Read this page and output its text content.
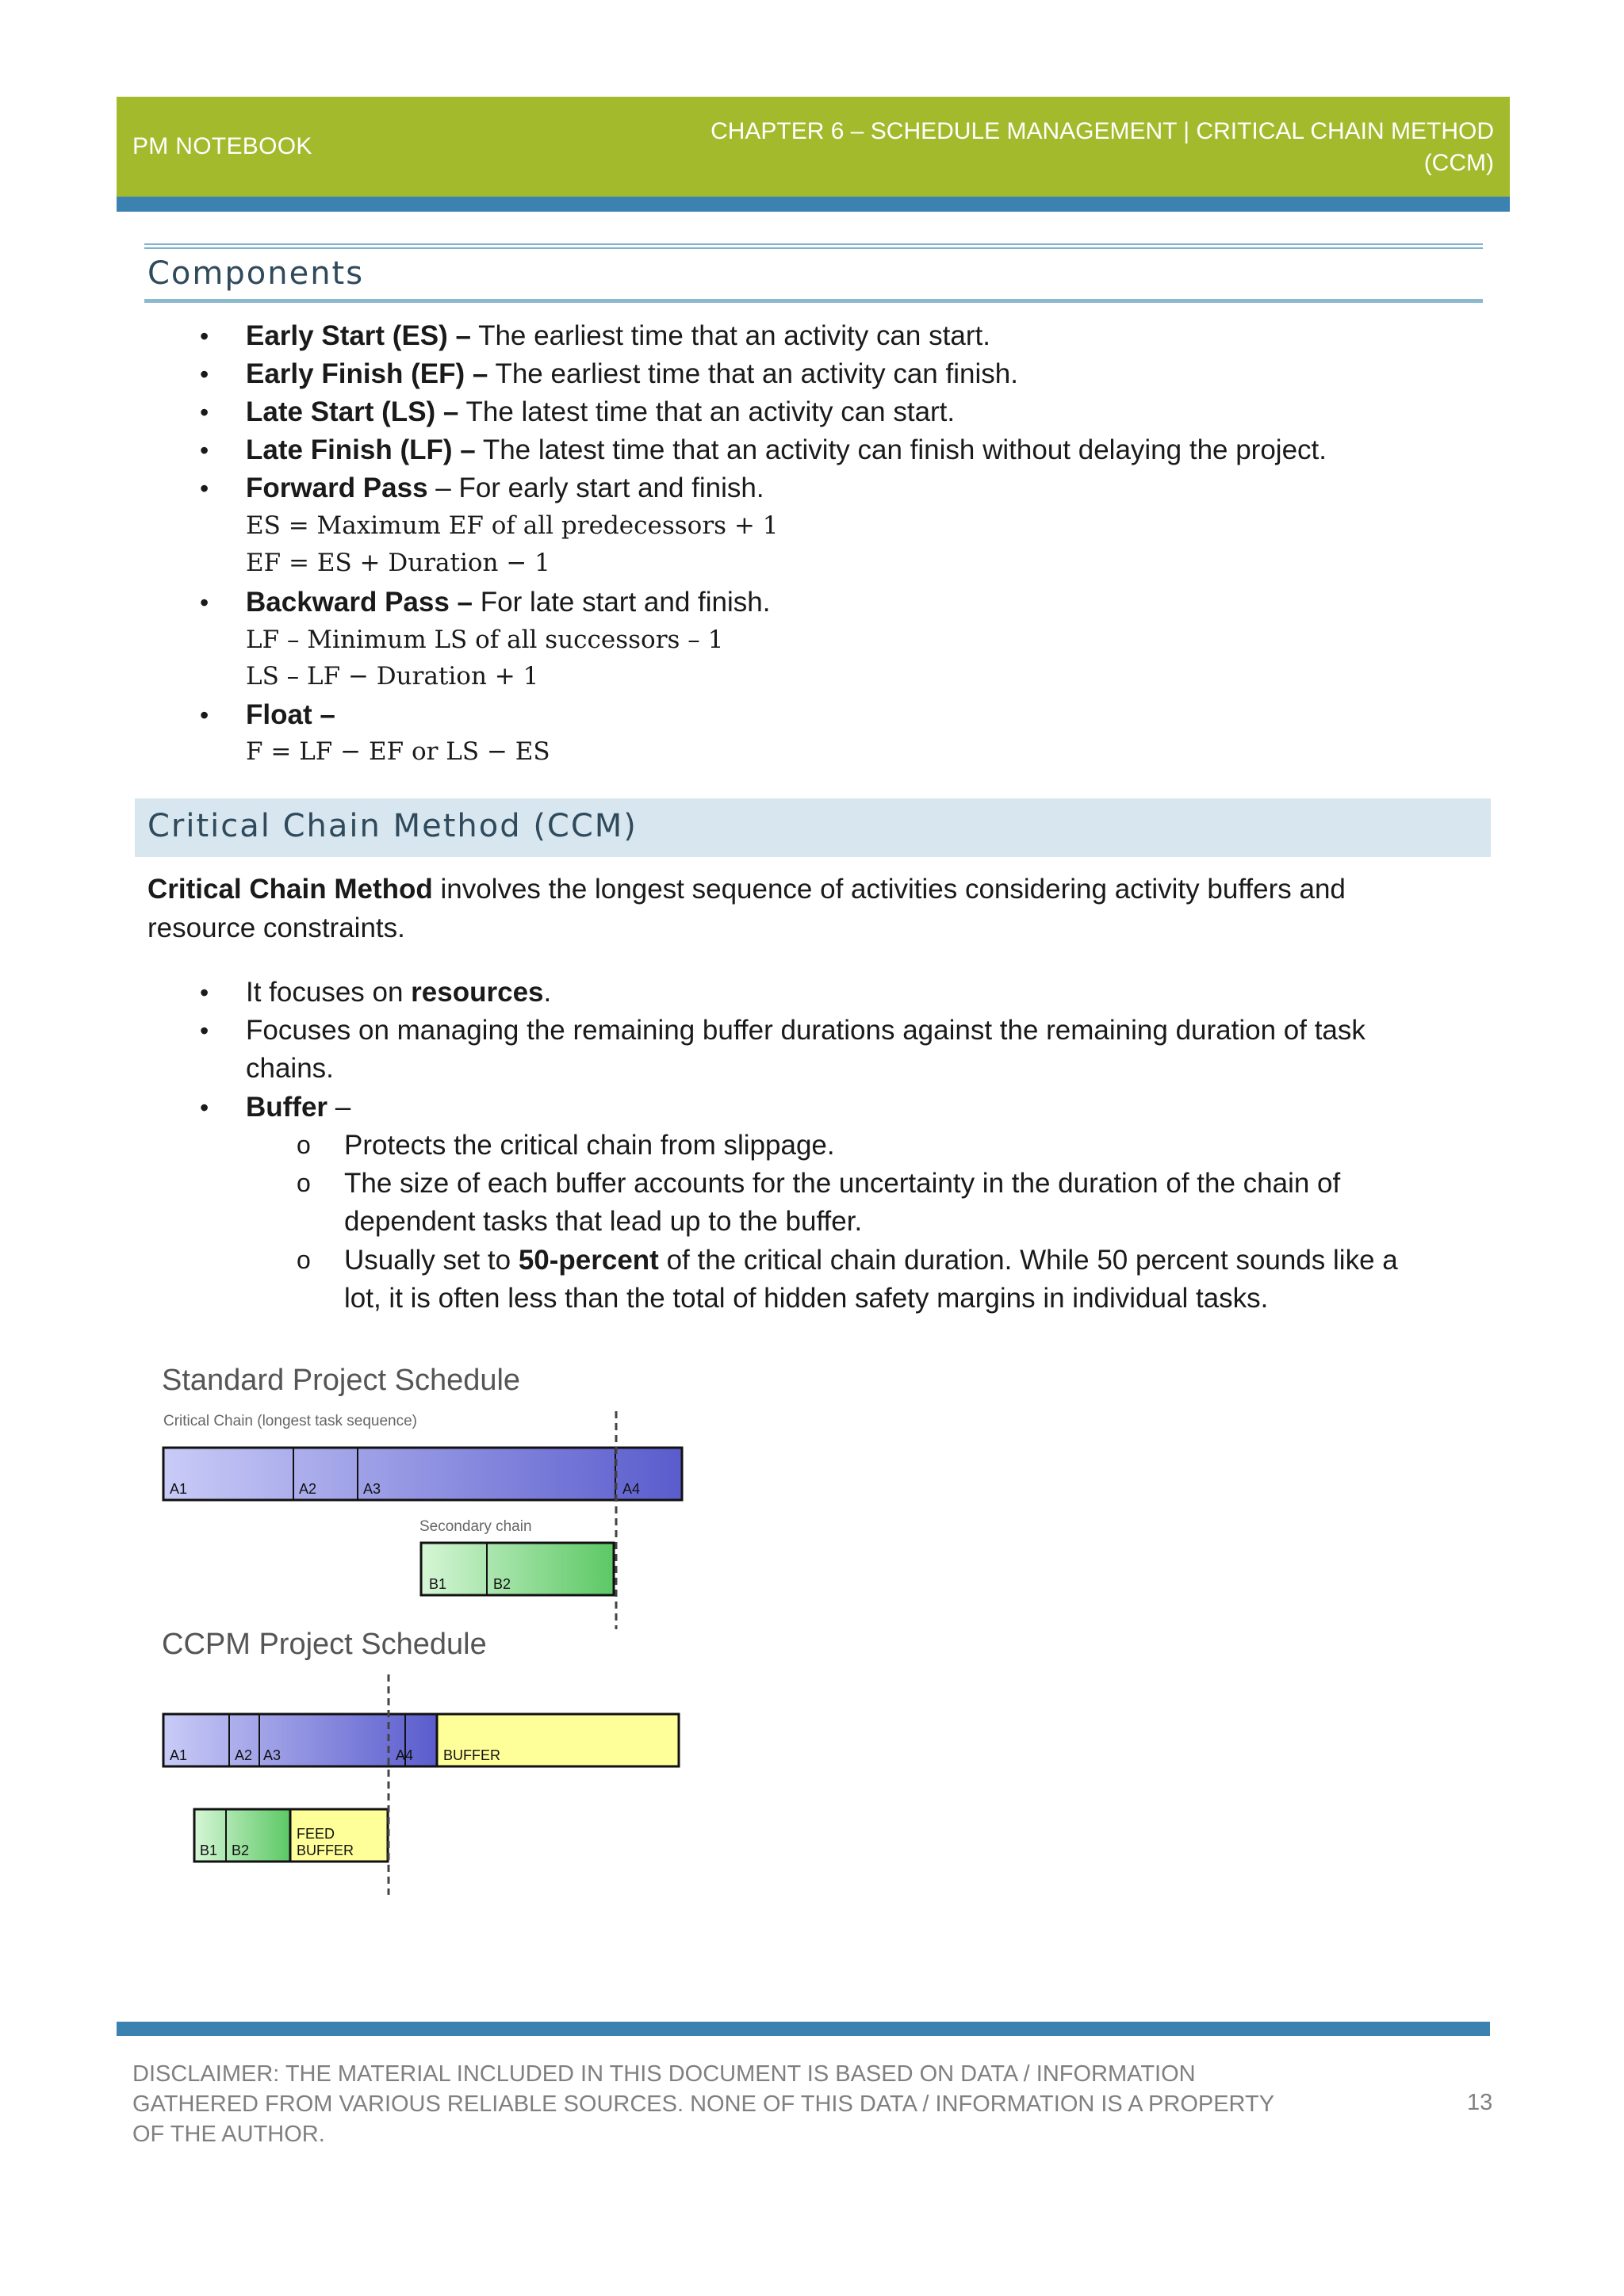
PM NOTEBOOK
CHAPTER 6 – SCHEDULE MANAGEMENT | CRITICAL CHAIN METHOD
(CCM)
Components
• Early Start (ES) – The earliest time that an activity can start.
• Early Finish (EF) – The earliest time that an activity can finish.
• Late Start (LS) – The latest time that an activity can start.
• Late Finish (LF) – The latest time that an activity can finish without delaying the project.
• Forward Pass – For early start and finish.
ES = Maximum EF of all predecessors + 1
EF = ES + Duration − 1
• Backward Pass – For late start and finish.
LF – Minimum LS of all successors – 1
LS – LF − Duration + 1
• Float –
F = LF − EF or LS − ES
Critical Chain Method (CCM)
Critical Chain Method involves the longest sequence of activities considering activity buffers and
resource constraints.
• It focuses on resources.
• Focuses on managing the remaining buffer durations against the remaining duration of task
chains.
• Buffer –
o Protects the critical chain from slippage.
o The size of each buffer accounts for the uncertainty in the duration of the chain of
dependent tasks that lead up to the buffer.
o Usually set to 50-percent of the critical chain duration. While 50 percent sounds like a
lot, it is often less than the total of hidden safety margins in individual tasks.
Standard Project Schedule
Critical Chain (longest task sequence)
A1	A2	A3	A4
Secondary chain
B1	B2
CCPM Project Schedule
A1	A2 A3	A4 BUFFER
B1 B2
FEED
BUFFER
DISCLAIMER: THE MATERIAL INCLUDED IN THIS DOCUMENT IS BASED ON DATA / INFORMATION
GATHERED FROM VARIOUS RELIABLE SOURCES. NONE OF THIS DATA / INFORMATION IS A PROPERTY
OF THE AUTHOR.
13
